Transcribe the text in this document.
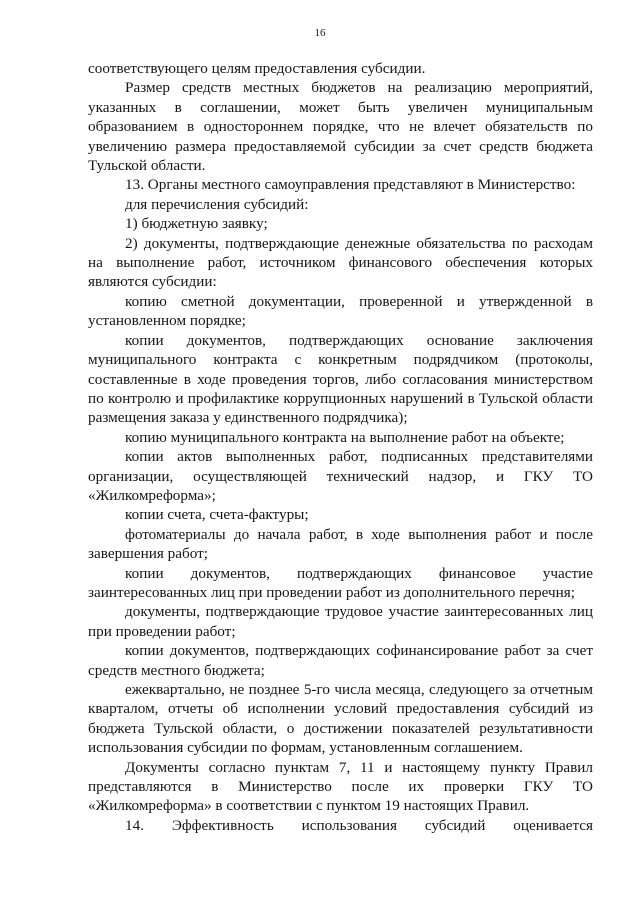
16

соответствующего целям предоставления субсидии.

Размер средств местных бюджетов на реализацию мероприятий, указанных в соглашении, может быть увеличен муниципальным образованием в одностороннем порядке, что не влечет обязательств по увеличению размера предоставляемой субсидии за счет средств бюджета Тульской области.

13. Органы местного самоуправления представляют в Министерство:

для перечисления субсидий:

1) бюджетную заявку;

2) документы, подтверждающие денежные обязательства по расходам на выполнение работ, источником финансового обеспечения которых являются субсидии:

копию сметной документации, проверенной и утвержденной в установленном порядке;

копии документов, подтверждающих основание заключения муниципального контракта с конкретным подрядчиком (протоколы, составленные в ходе проведения торгов, либо согласования министерством по контролю и профилактике коррупционных нарушений в Тульской области размещения заказа у единственного подрядчика);

копию муниципального контракта на выполнение работ на объекте;

копии актов выполненных работ, подписанных представителями организации, осуществляющей технический надзор, и ГКУ ТО «Жилкомреформа»;

копии счета, счета-фактуры;

фотоматериалы до начала работ, в ходе выполнения работ и после завершения работ;

копии документов, подтверждающих финансовое участие заинтересованных лиц при проведении работ из дополнительного перечня;

документы, подтверждающие трудовое участие заинтересованных лиц при проведении работ;

копии документов, подтверждающих софинансирование работ за счет средств местного бюджета;

ежеквартально, не позднее 5-го числа месяца, следующего за отчетным кварталом, отчеты об исполнении условий предоставления субсидий из бюджета Тульской области, о достижении показателей результативности использования субсидии по формам, установленным соглашением.

Документы согласно пунктам 7, 11 и настоящему пункту Правил представляются в Министерство после их проверки ГКУ ТО «Жилкомреформа» в соответствии с пунктом 19 настоящих Правил.

14. Эффективность использования субсидий оценивается
